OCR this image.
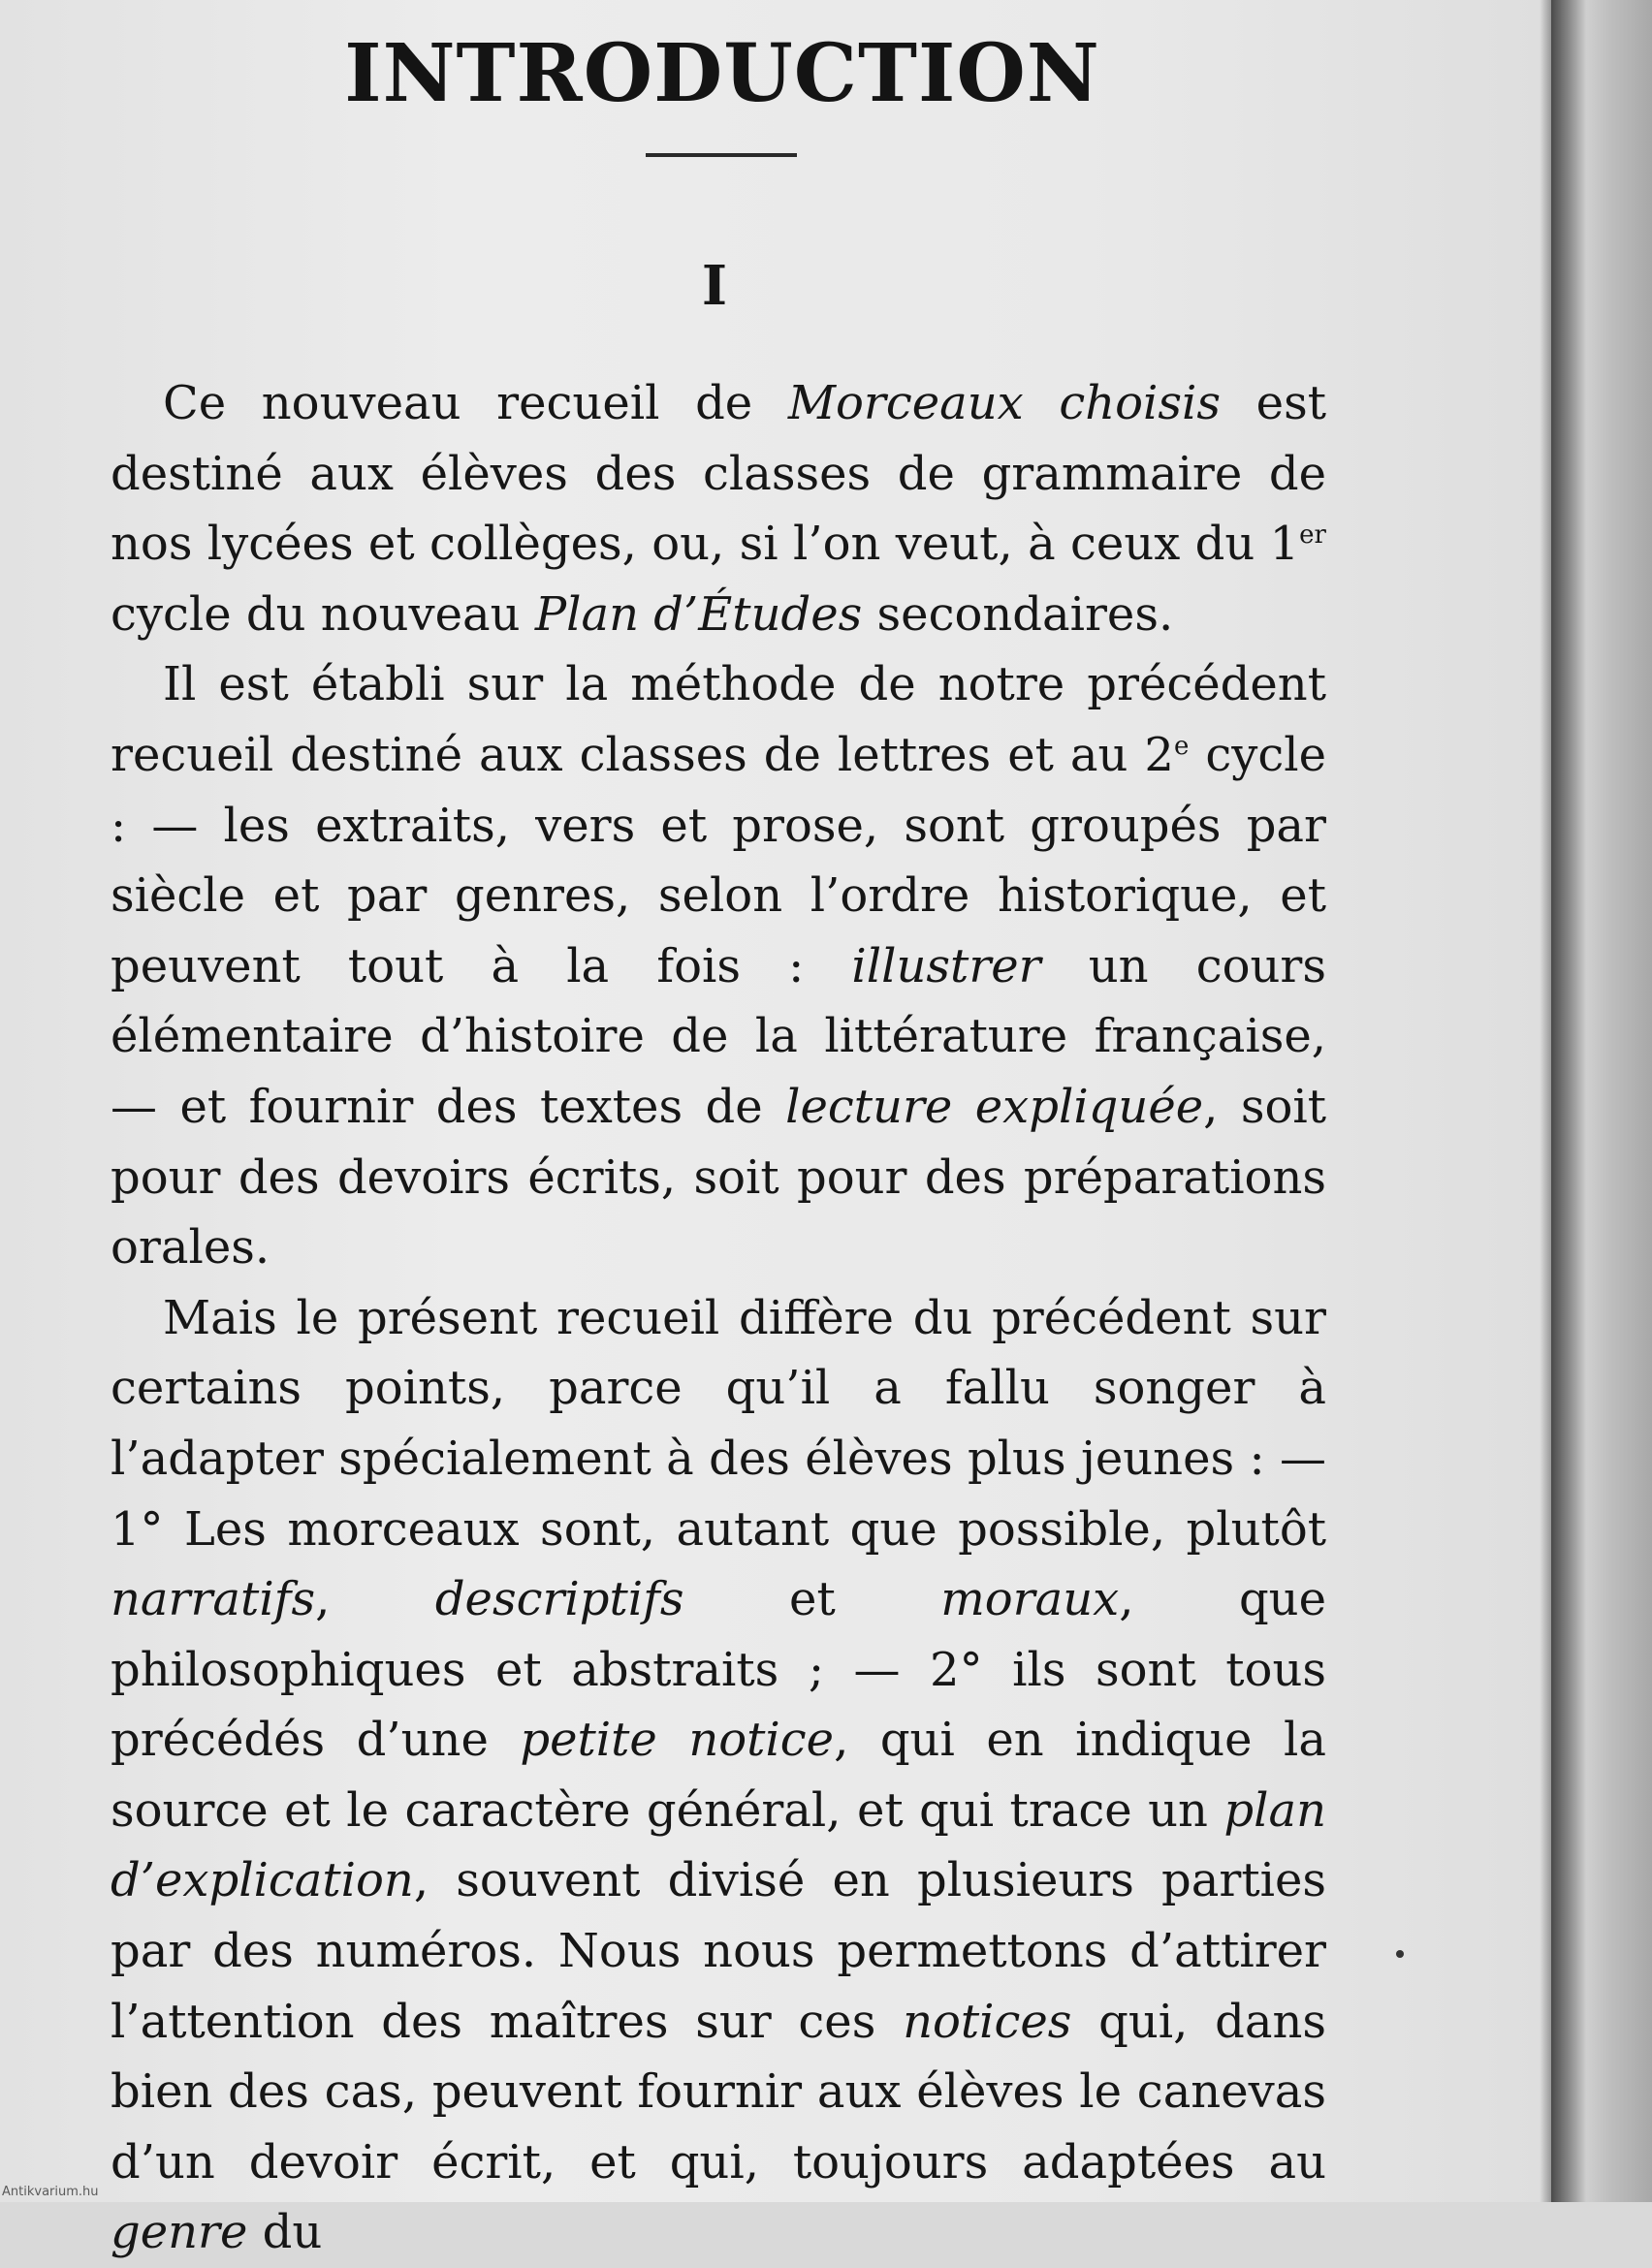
INTRODUCTION
I

Ce nouveau recueil de Morceaux choisis est destiné aux élèves des classes de grammaire de nos lycées et collèges, ou, si l’on veut, à ceux du 1er cycle du nouveau Plan d’Études secondaires.

Il est établi sur la méthode de notre précédent recueil destiné aux classes de lettres et au 2e cycle : — les extraits, vers et prose, sont groupés par siècle et par genres, selon l’ordre historique, et peuvent tout à la fois : illustrer un cours élémentaire d’histoire de la littérature française, — et fournir des textes de lecture expliquée, soit pour des devoirs écrits, soit pour des préparations orales.

Mais le présent recueil diffère du précédent sur certains points, parce qu’il a fallu songer à l’adapter spécialement à des élèves plus jeunes : — 1° Les morceaux sont, autant que possible, plutôt narratifs, descriptifs et moraux, que philosophiques et abstraits ; — 2° ils sont tous précédés d’une petite notice, qui en indique la source et le caractère général, et qui trace un plan d’explication, souvent divisé en plusieurs parties par des numéros. Nous nous permettons d’attirer l’attention des maîtres sur ces notices qui, dans bien des cas, peuvent fournir aux élèves le canevas d’un devoir écrit, et qui, toujours adaptées au genre du

Antikvarium.hu
